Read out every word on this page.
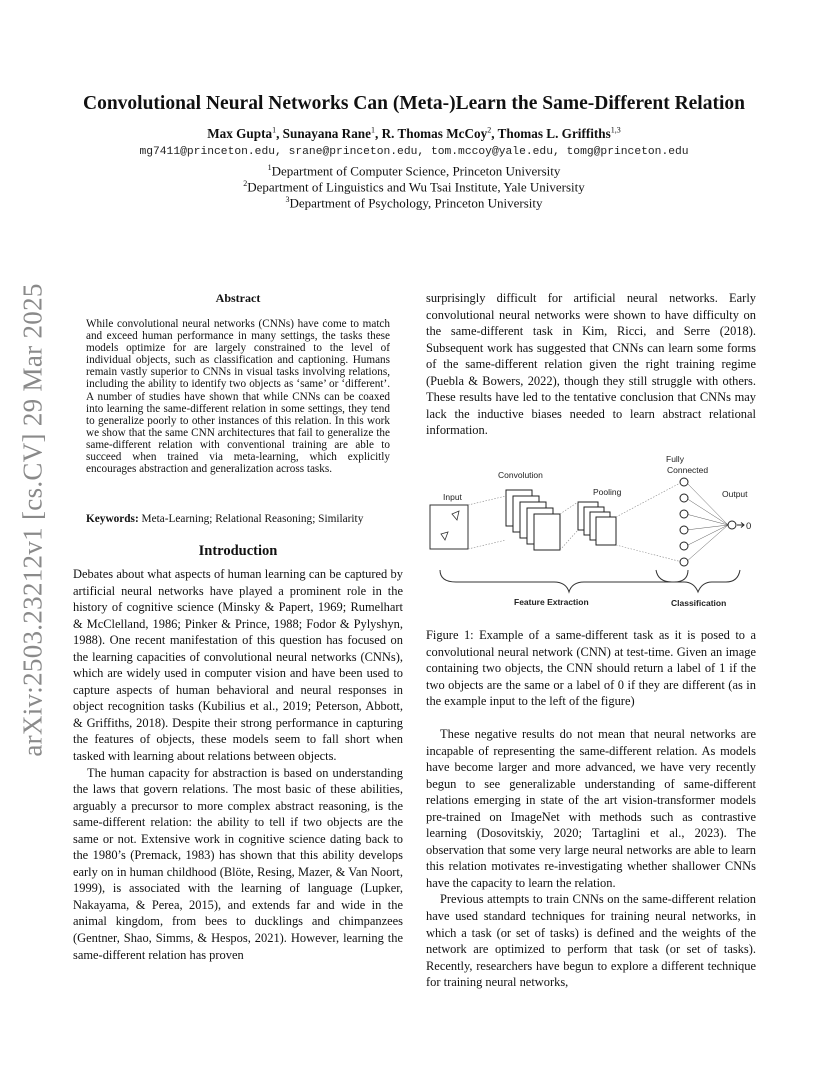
arXiv:2503.23212v1 [cs.CV] 29 Mar 2025
Convolutional Neural Networks Can (Meta-)Learn the Same-Different Relation
Max Gupta$^1$, Sunayana Rane$^1$, R. Thomas McCoy$^2$, Thomas L. Griffiths$^{1,3}$
mg7411@princeton.edu, srane@princeton.edu, tom.mccoy@yale.edu, tomg@princeton.edu
$^1$Department of Computer Science, Princeton University
$^2$Department of Linguistics and Wu Tsai Institute, Yale University
$^3$Department of Psychology, Princeton University
Abstract
While convolutional neural networks (CNNs) have come to match and exceed human performance in many settings, the tasks these models optimize for are largely constrained to the level of individual objects, such as classification and captioning. Humans remain vastly superior to CNNs in visual tasks involving relations, including the ability to identify two objects as ‘same’ or ‘different’. A number of studies have shown that while CNNs can be coaxed into learning the same-different relation in some settings, they tend to generalize poorly to other instances of this relation. In this work we show that the same CNN architectures that fail to generalize the same-different relation with conventional training are able to succeed when trained via meta-learning, which explicitly encourages abstraction and generalization across tasks.
Keywords: Meta-Learning; Relational Reasoning; Similarity
Introduction

Debates about what aspects of human learning can be captured by artificial neural networks have played a prominent role in the history of cognitive science (Minsky & Papert, 1969; Rumelhart & McClelland, 1986; Pinker & Prince, 1988; Fodor & Pylyshyn, 1988). One recent manifestation of this question has focused on the learning capacities of convolutional neural networks (CNNs), which are widely used in computer vision and have been used to capture aspects of human behavioral and neural responses in object recognition tasks (Kubilius et al., 2019; Peterson, Abbott, & Griffiths, 2018). Despite their strong performance in capturing the features of objects, these models seem to fall short when tasked with learning about relations between objects.

The human capacity for abstraction is based on understanding the laws that govern relations. The most basic of these abilities, arguably a precursor to more complex abstract reasoning, is the same-different relation: the ability to tell if two objects are the same or not. Extensive work in cognitive science dating back to the 1980’s (Premack, 1983) has shown that this ability develops early on in human childhood (Blöte, Resing, Mazer, & Van Noort, 1999), is associated with the learning of language (Lupker, Nakayama, & Perea, 2015), and extends far and wide in the animal kingdom, from bees to ducklings and chimpanzees (Gentner, Shao, Simms, & Hespos, 2021). However, learning the same-different relation has proven

surprisingly difficult for artificial neural networks. Early convolutional neural networks were shown to have difficulty on the same-different task in Kim, Ricci, and Serre (2018). Subsequent work has suggested that CNNs can learn some forms of the same-different relation given the right training regime (Puebla & Bowers, 2022), though they still struggle with others. These results have led to the tentative conclusion that CNNs may lack the inductive biases needed to learn abstract relational information.

Input
Convolution
Pooling
Fully
Connected
Output
0
Feature Extraction	Classification
Figure 1: Example of a same-different task as it is posed to a convolutional neural network (CNN) at test-time. Given an image containing two objects, the CNN should return a label of 1 if the two objects are the same or a label of 0 if they are different (as in the example input to the left of the figure)

These negative results do not mean that neural networks are incapable of representing the same-different relation. As models have become larger and more advanced, we have very recently begun to see generalizable understanding of same-different relations emerging in state of the art vision-transformer models pre-trained on ImageNet with methods such as contrastive learning (Dosovitskiy, 2020; Tartaglini et al., 2023). The observation that some very large neural networks are able to learn this relation motivates re-investigating whether shallower CNNs have the capacity to learn the relation.

Previous attempts to train CNNs on the same-different relation have used standard techniques for training neural networks, in which a task (or set of tasks) is defined and the weights of the network are optimized to perform that task (or set of tasks). Recently, researchers have begun to explore a different technique for training neural networks,
